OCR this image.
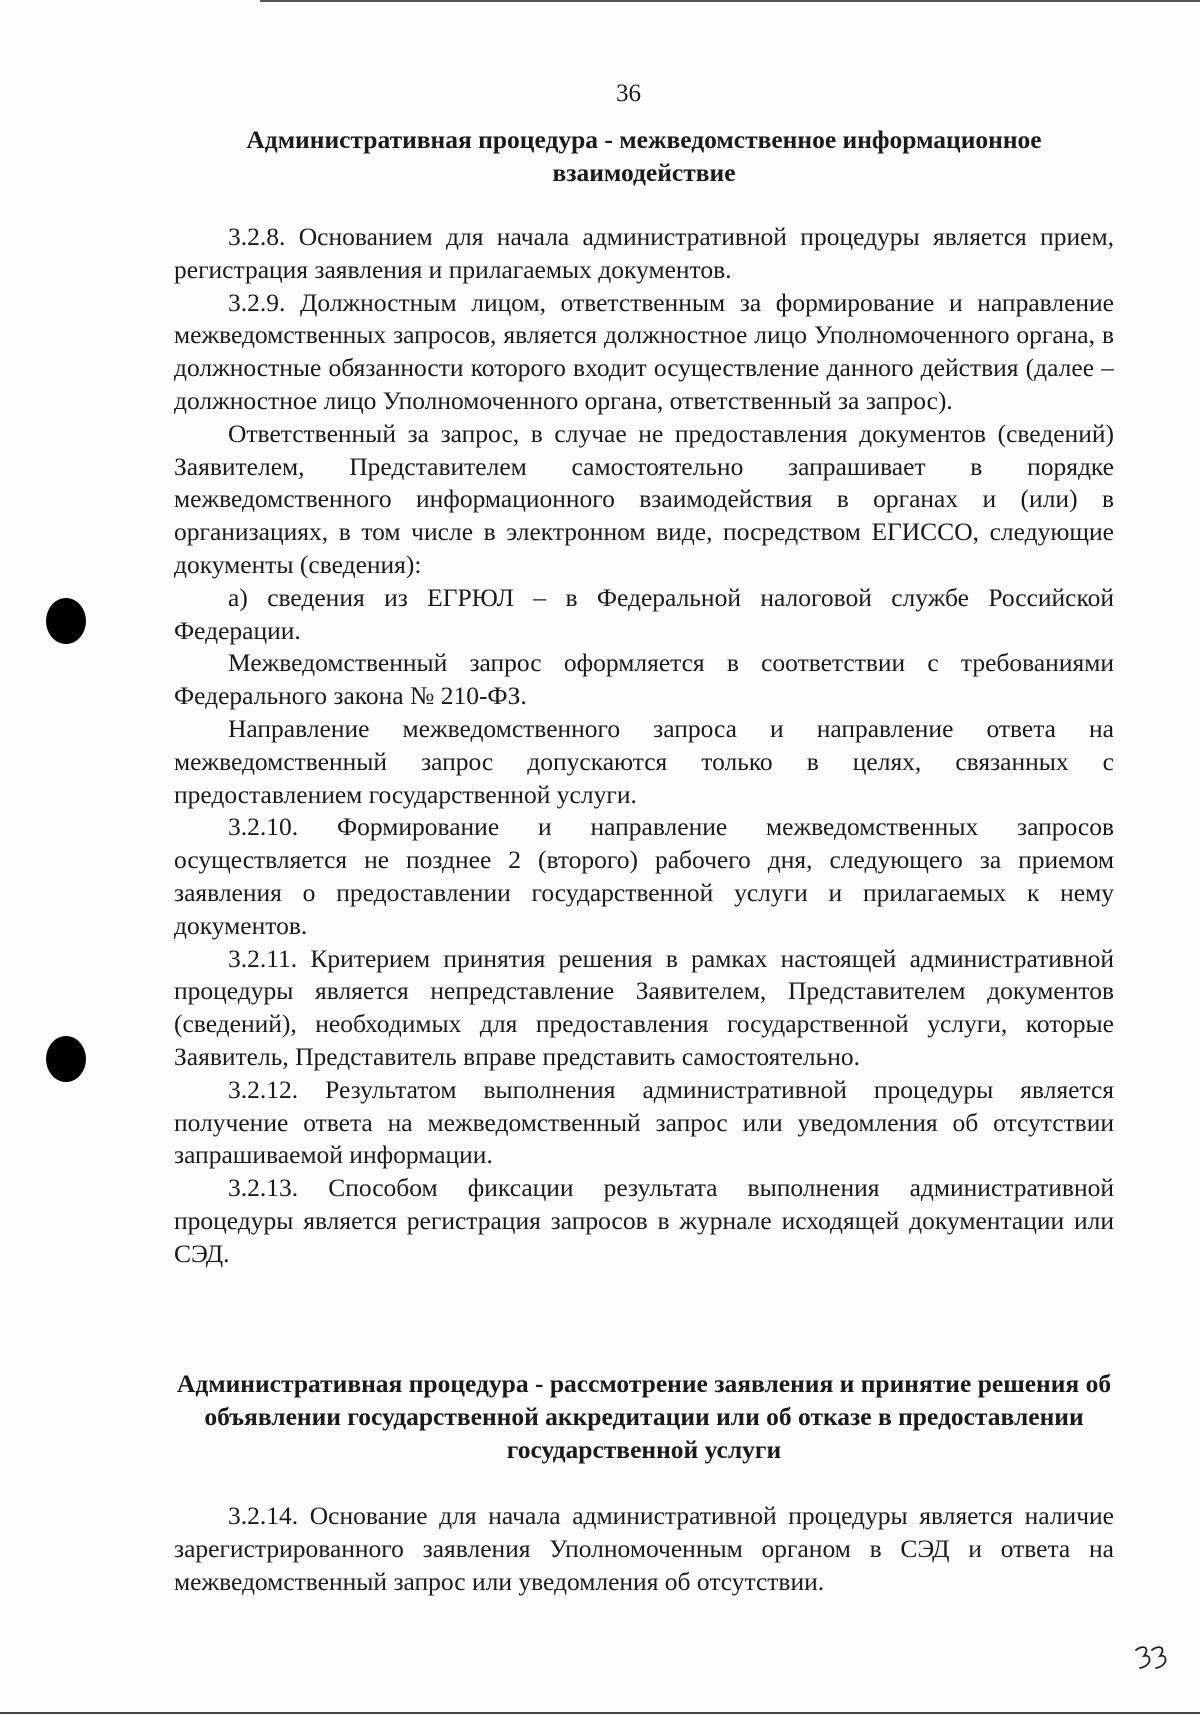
36
Административная процедура - межведомственное информационное взаимодействие

3.2.8. Основанием для начала административной процедуры является прием, регистрация заявления и прилагаемых документов.

3.2.9. Должностным лицом, ответственным за формирование и направление межведомственных запросов, является должностное лицо Уполномоченного органа, в должностные обязанности которого входит осуществление данного действия (далее – должностное лицо Уполномоченного органа, ответственный за запрос).

Ответственный за запрос, в случае не предоставления документов (сведений) Заявителем, Представителем самостоятельно запрашивает в порядке межведомственного информационного взаимодействия в органах и (или) в организациях, в том числе в электронном виде, посредством ЕГИССО, следующие документы (сведения):

а) сведения из ЕГРЮЛ – в Федеральной налоговой службе Российской Федерации.

Межведомственный запрос оформляется в соответствии с требованиями Федерального закона № 210-ФЗ.

Направление межведомственного запроса и направление ответа на межведомственный запрос допускаются только в целях, связанных с предоставлением государственной услуги.

3.2.10. Формирование и направление межведомственных запросов осуществляется не позднее 2 (второго) рабочего дня, следующего за приемом заявления о предоставлении государственной услуги и прилагаемых к нему документов.

3.2.11. Критерием принятия решения в рамках настоящей административной процедуры является непредставление Заявителем, Представителем документов (сведений), необходимых для предоставления государственной услуги, которые Заявитель, Представитель вправе представить самостоятельно.

3.2.12. Результатом выполнения административной процедуры является получение ответа на межведомственный запрос или уведомления об отсутствии запрашиваемой информации.

3.2.13. Способом фиксации результата выполнения административной процедуры является регистрация запросов в журнале исходящей документации или СЭД.

Административная процедура - рассмотрение заявления и принятие решения об объявлении государственной аккредитации или об отказе в предоставлении государственной услуги

3.2.14. Основание для начала административной процедуры является наличие зарегистрированного заявления Уполномоченным органом в СЭД и ответа на межведомственный запрос или уведомления об отсутствии.
